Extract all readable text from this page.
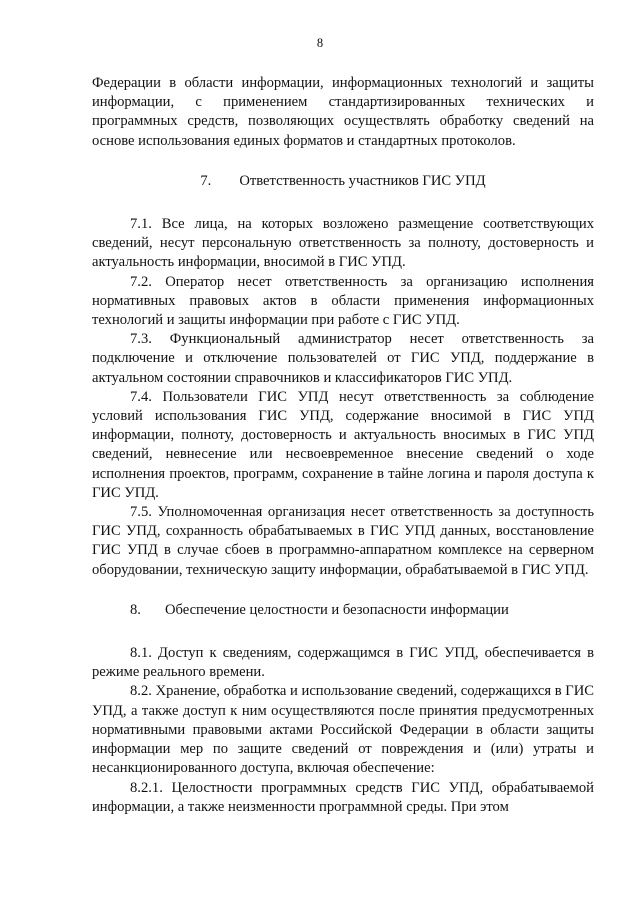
8

Федерации в области информации, информационных технологий и защиты информации, с применением стандартизированных технических и программных средств, позволяющих осуществлять обработку сведений на основе использования единых форматов и стандартных протоколов.

7. Ответственность участников ГИС УПД

7.1. Все лица, на которых возложено размещение соответствующих сведений, несут персональную ответственность за полноту, достоверность и актуальность информации, вносимой в ГИС УПД.

7.2. Оператор несет ответственность за организацию исполнения нормативных правовых актов в области применения информационных технологий и защиты информации при работе с ГИС УПД.

7.3. Функциональный администратор несет ответственность за подключение и отключение пользователей от ГИС УПД, поддержание в актуальном состоянии справочников и классификаторов ГИС УПД.

7.4. Пользователи ГИС УПД несут ответственность за соблюдение условий использования ГИС УПД, содержание вносимой в ГИС УПД информации, полноту, достоверность и актуальность вносимых в ГИС УПД сведений, невнесение или несвоевременное внесение сведений о ходе исполнения проектов, программ, сохранение в тайне логина и пароля доступа к ГИС УПД.

7.5. Уполномоченная организация несет ответственность за доступность ГИС УПД, сохранность обрабатываемых в ГИС УПД данных, восстановление ГИС УПД в случае сбоев в программно-аппаратном комплексе на серверном оборудовании, техническую защиту информации, обрабатываемой в ГИС УПД.

8. Обеспечение целостности и безопасности информации

8.1. Доступ к сведениям, содержащимся в ГИС УПД, обеспечивается в режиме реального времени.

8.2. Хранение, обработка и использование сведений, содержащихся в ГИС УПД, а также доступ к ним осуществляются после принятия предусмотренных нормативными правовыми актами Российской Федерации в области защиты информации мер по защите сведений от повреждения и (или) утраты и несанкционированного доступа, включая обеспечение:

8.2.1. Целостности программных средств ГИС УПД, обрабатываемой информации, а также неизменности программной среды. При этом
